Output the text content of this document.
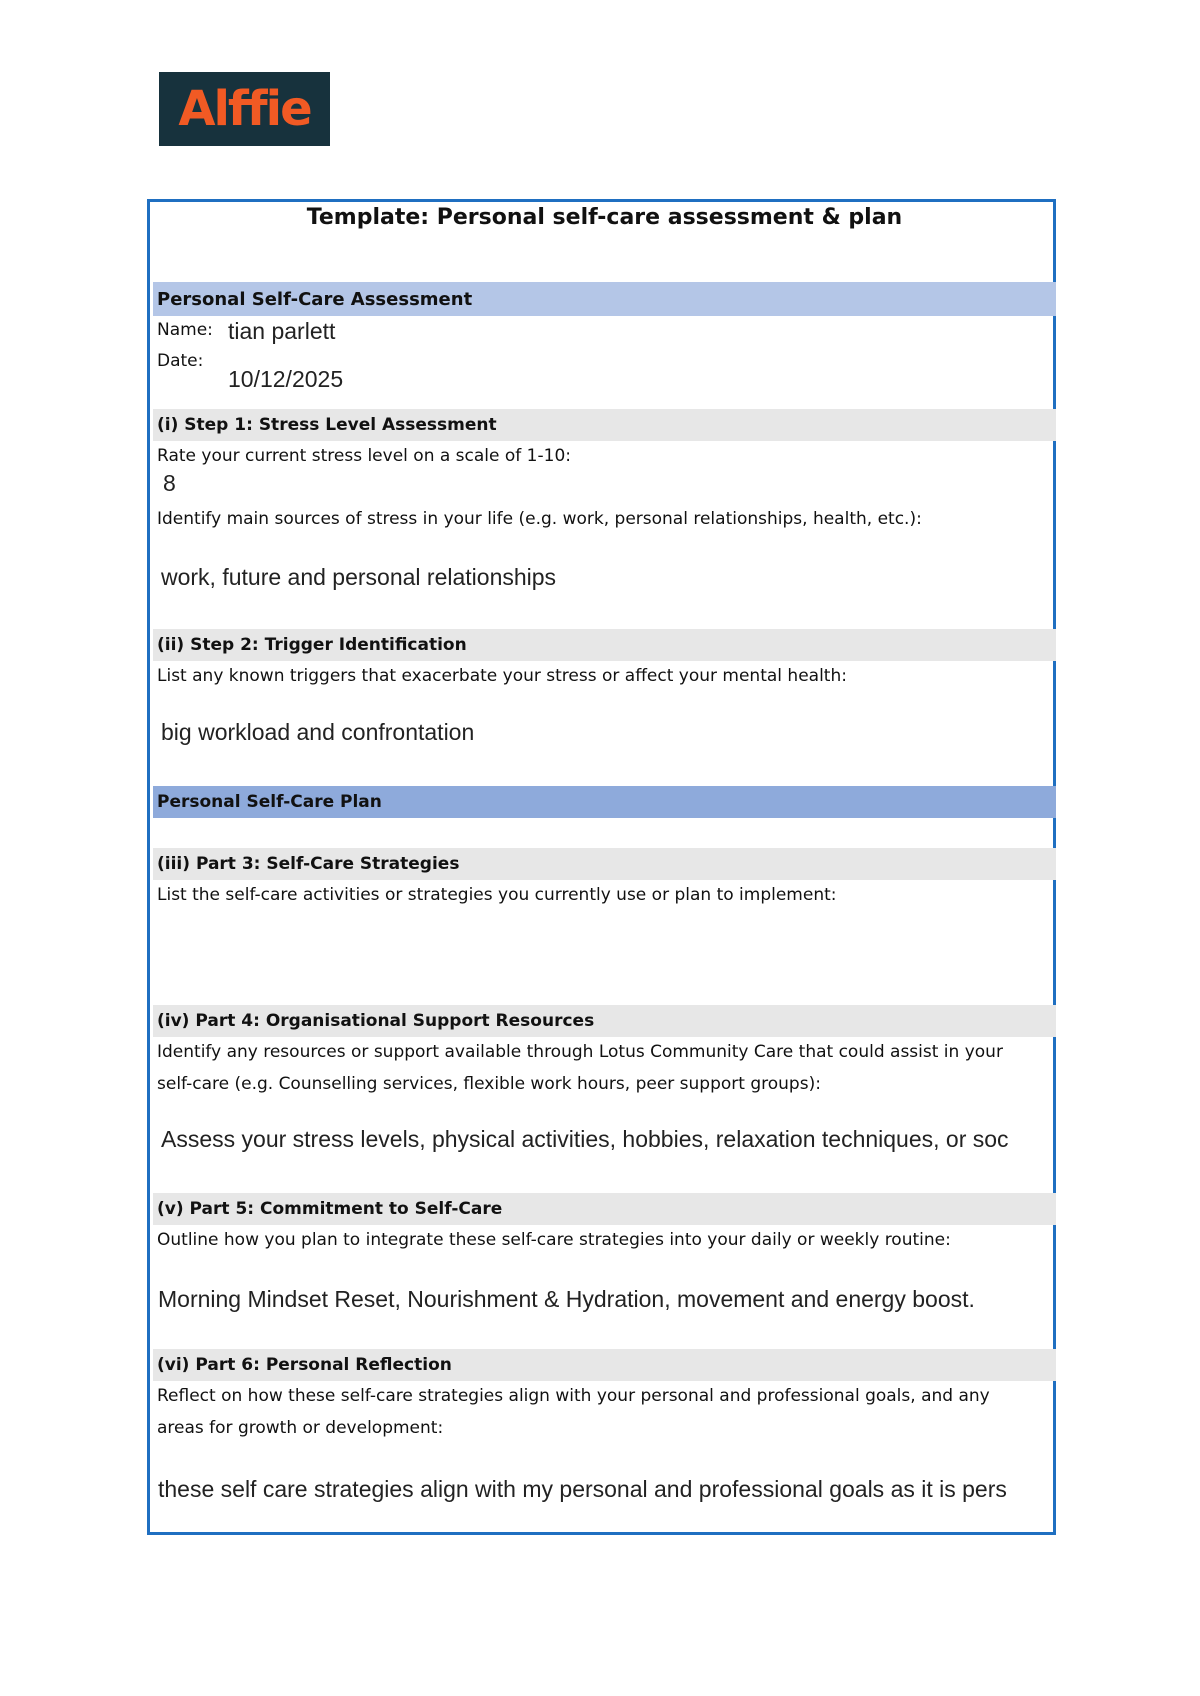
Alffie
Template: Personal self-care assessment & plan
Personal Self-Care Assessment
Name: tian parlett
Date:
10/12/2025
(i) Step 1: Stress Level Assessment
Rate your current stress level on a scale of 1-10:
8
Identify main sources of stress in your life (e.g. work, personal relationships, health, etc.):
work, future and personal relationships
(ii) Step 2: Trigger Identification
List any known triggers that exacerbate your stress or affect your mental health:
big workload and confrontation
Personal Self-Care Plan
(iii) Part 3: Self-Care Strategies
List the self-care activities or strategies you currently use or plan to implement:
(iv) Part 4: Organisational Support Resources
Identify any resources or support available through Lotus Community Care that could assist in your
self-care (e.g. Counselling services, flexible work hours, peer support groups):
Assess your stress levels, physical activities, hobbies, relaxation techniques, or soc
(v) Part 5: Commitment to Self-Care
Outline how you plan to integrate these self-care strategies into your daily or weekly routine:
Morning Mindset Reset, Nourishment & Hydration, movement and energy boost.
(vi) Part 6: Personal Reflection
Reflect on how these self-care strategies align with your personal and professional goals, and any
areas for growth or development:
these self care strategies align with my personal and professional goals as it is pers
